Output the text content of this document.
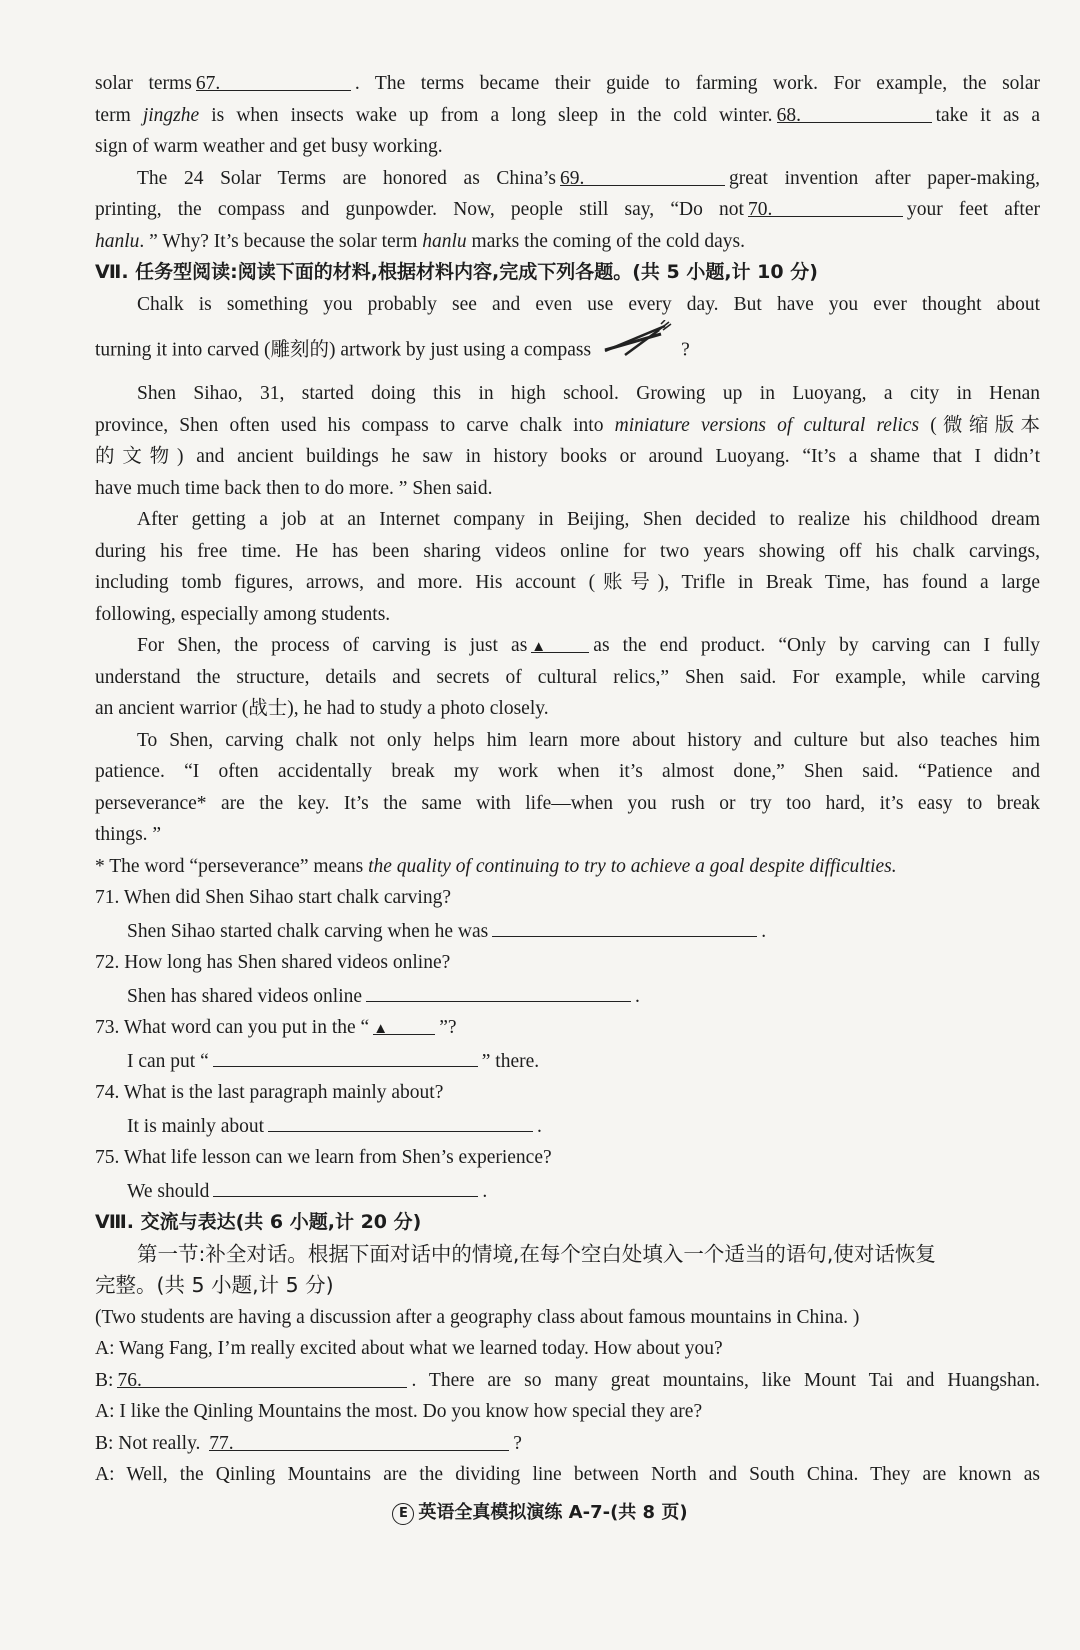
solar terms 67.	. The terms became their guide to farming work. For example, the solar
term jingzhe is when insects wake up from a long sleep in the cold winter. 68.	take it as a
sign of warm weather and get busy working.
The 24 Solar Terms are honored as China’s 69.	great invention after paper-making,
printing, the compass and gunpowder. Now, people still say, “Do not 70.	your feet after
hanlu. ” Why? It’s because the solar term hanlu marks the coming of the cold days.
Ⅶ. 任务型阅读:阅读下面的材料,根据材料内容,完成下列各题。(共 5 小题,计 10 分)
Chalk is something you probably see and even use every day. But have you ever thought about
turning it into carved (雕刻的) artwork by just using a compass	?
Shen Sihao, 31, started doing this in high school. Growing up in Luoyang, a city in Henan
province, Shen often used his compass to carve chalk into miniature versions of cultural relics (微缩版本
的文物) and ancient buildings he saw in history books or around Luoyang. “It’s a shame that I didn’t
have much time back then to do more. ” Shen said.
After getting a job at an Internet company in Beijing, Shen decided to realize his childhood dream
during his free time. He has been sharing videos online for two years showing off his chalk carvings,
including tomb figures, arrows, and more. His account (账号), Trifle in Break Time, has found a large
following, especially among students.
For Shen, the process of carving is just as ▲ as the end product. “Only by carving can I fully
understand the structure, details and secrets of cultural relics,” Shen said. For example, while carving
an ancient warrior (战士), he had to study a photo closely.
To Shen, carving chalk not only helps him learn more about history and culture but also teaches him
patience. “I often accidentally break my work when it’s almost done,” Shen said. “Patience and
perseverance* are the key. It’s the same with life—when you rush or try too hard, it’s easy to break
things. ”
* The word “perseverance” means the quality of continuing to try to achieve a goal despite difficulties.
71. When did Shen Sihao start chalk carving?
Shen Sihao started chalk carving when he was	.
72. How long has Shen shared videos online?
Shen has shared videos online	.
73. What word can you put in the “ ▲	”?
I can put “	” there.
74. What is the last paragraph mainly about?
It is mainly about	.
75. What life lesson can we learn from Shen’s experience?
We should	.
Ⅷ. 交流与表达(共 6 小题,计 20 分)
第一节:补全对话。根据下面对话中的情境,在每个空白处填入一个适当的语句,使对话恢复
完整。(共 5 小题,计 5 分)
(Two students are having a discussion after a geography class about famous mountains in China. )
A: Wang Fang, I’m really excited about what we learned today. How about you?
B: 76.	. There are so many great mountains, like Mount Tai and Huangshan.
A: I like the Qinling Mountains the most. Do you know how special they are?
B: Not really. 77.	?
A: Well, the Qinling Mountains are the dividing line between North and South China. They are known as
E 英语全真模拟演练 A-7-(共 8 页)
